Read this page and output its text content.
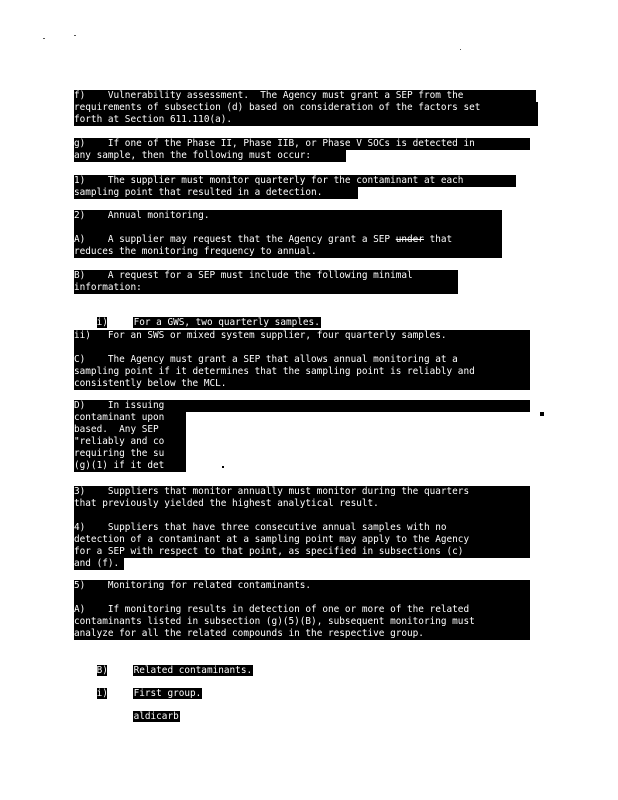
f)    Vulnerability assessment.  The Agency must grant a SEP from the
requirements of subsection (d) based on consideration of the factors set
forth at Section 611.110(a).
g)    If one of the Phase II, Phase IIB, or Phase V SOCs is detected in
any sample, then the following must occur:
1)    The supplier must monitor quarterly for the contaminant at each
sampling point that resulted in a detection.
2)    Annual monitoring.
A)    A supplier may request that the Agency grant a SEP under that
reduces the monitoring frequency to annual.
B)    A request for a SEP must include the following minimal
information:

i)	For a GWS, two quarterly samples.

ii)   For an SWS or mixed system supplier, four quarterly samples.
C)    The Agency must grant a SEP that allows annual monitoring at a
sampling point if it determines that the sampling point is reliably and
consistently below the MCL.
D)    In issuing
contaminant upon
based.  Any SEP
"reliably and co
requiring the su
(g)(1) if it det
3)    Suppliers that monitor annually must monitor during the quarters
that previously yielded the highest analytical result.
4)    Suppliers that have three consecutive annual samples with no
detection of a contaminant at a sampling point may apply to the Agency
for a SEP with respect to that point, as specified in subsections (c)
and (f).
5)    Monitoring for related contaminants.
A)    If monitoring results in detection of one or more of the related
contaminants listed in subsection (g)(5)(B), subsequent monitoring must
analyze for all the related compounds in the respective group.

B)	Related contaminants.

i)	First group.

aldicarb
